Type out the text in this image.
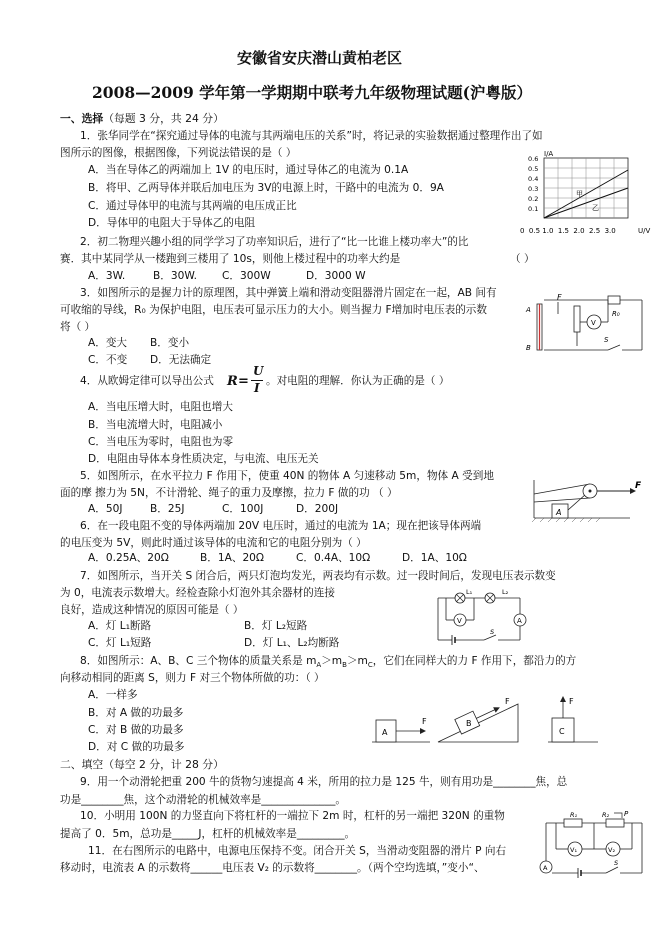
安徽省安庆潜山黄柏老区
2008—2009 学年第一学期期中联考九年级物理试题(沪粤版）
一、选择（每题 3 分，共 24 分）
1．张华同学在“探究通过导体的电流与其两端电压的关系”时，将记录的实验数据通过整理作出了如
图所示的图像，根据图像，下列说法错误的是（ ）
A．当在导体乙的两端加上 1V 的电压时，通过导体乙的电流为 0.1A
B．将甲、乙两导体并联后加电压为 3V的电源上时，干路中的电流为 0．9A
C．通过导体甲的电流与其两端的电压成正比
D．导体甲的电阻大于导体乙的电阻
甲
乙
I/A
0.6
0.5
0.4
0.3
0.2
0.1
0  0.5 1.0  1.5  2.0  2.5  3.0	U/V
2．初二物理兴趣小组的同学学习了功率知识后，进行了“比一比谁上楼功率大”的比
赛．其中某同学从一楼跑到三楼用了 10s，则他上楼过程中的功率大约是	（ ）
A．3W.	B．30W. C．300W	D．3000 W
3．如图所示的是握力计的原理图，其中弹簧上端和滑动变阻器滑片固定在一起，AB 间有
可收缩的导线，R₀ 为保护电阻，电压表可显示压力的大小。则当握力 F增加时电压表的示数
将（ ）
A．变大 B．变小
C．不变 D．无法确定
F
A
B
R₀
V
S
4．从欧姆定律可以导出公式 R =
U
I 。对电阻的理解．你认为正确的是（ ）
A．当电压增大时，电阻也增大
B．当电流增大时，电阻减小
C．当电压为零时，电阻也为零
D．电阻由导体本身性质决定，与电流、电压无关
5．如图所示，在水平拉力 F 作用下，使重 40N 的物体 A 匀速移动 5m，物体 A 受到地
面的摩 擦力为 5N，不计滑轮、绳子的重力及摩擦，拉力 F 做的功 （ ）
A．50J	B．25J	C．100J	D．200J	A
F
6．在一段电阻不变的导体两端加 20V 电压时，通过的电流为 1A；现在把该导体两端
的电压变为 5V，则此时通过该导体的电流和它的电阻分别为（ ）
A．0.25A、20Ω	B．1A、20Ω	C．0.4A、10Ω	D．1A、10Ω
7．如图所示，当开关 S 闭合后，两只灯泡均发光，两表均有示数。过一段时间后，发现电压表示数变
为 0，电流表示数增大。经检查除小灯泡外其余器材的连接
良好，造成这种情况的原因可能是（ ）
A．灯 L₁断路	B．灯 L₂短路
C．灯 L₁短路	D．灯 L₁、L₂均断路
L₁	L₂
V	A
S
8．如图所示：A、B、C 三个物体的质量关系是 $m_A>m_B>m_C$，它们在同样大的力 F 作用下，都沿力的方
向移动相同的距离 S，则力 F 对三个物体所做的功：（ ）
A．一样多
B．对 A 做的功最多
C．对 B 做的功最多
D．对 C 做的功最多
A
F	B
F
C
F
二、填空（每空 2 分，计 28 分）
9．用一个动滑轮把重 200 牛的货物匀速提高 4 米，所用的拉力是 125 牛，则有用功是________焦，总
功是________焦，这个动滑轮的机械效率是______________。
10．小明用 100N 的力竖直向下将杠杆的一端拉下 2m 时，杠杆的另一端把 320N 的重物
提高了 0．5m，总功是_____J，杠杆的机械效率是_________。
11．在右图所示的电路中，电源电压保持不变。闭合开关 S，当滑动变阻器的滑片 P 向右
移动时，电流表 A 的示数将______电压表 V₂ 的示数将________。（两个空均选填，”变小“、
R₁	R₂ P
V₁	V₂
A
S
